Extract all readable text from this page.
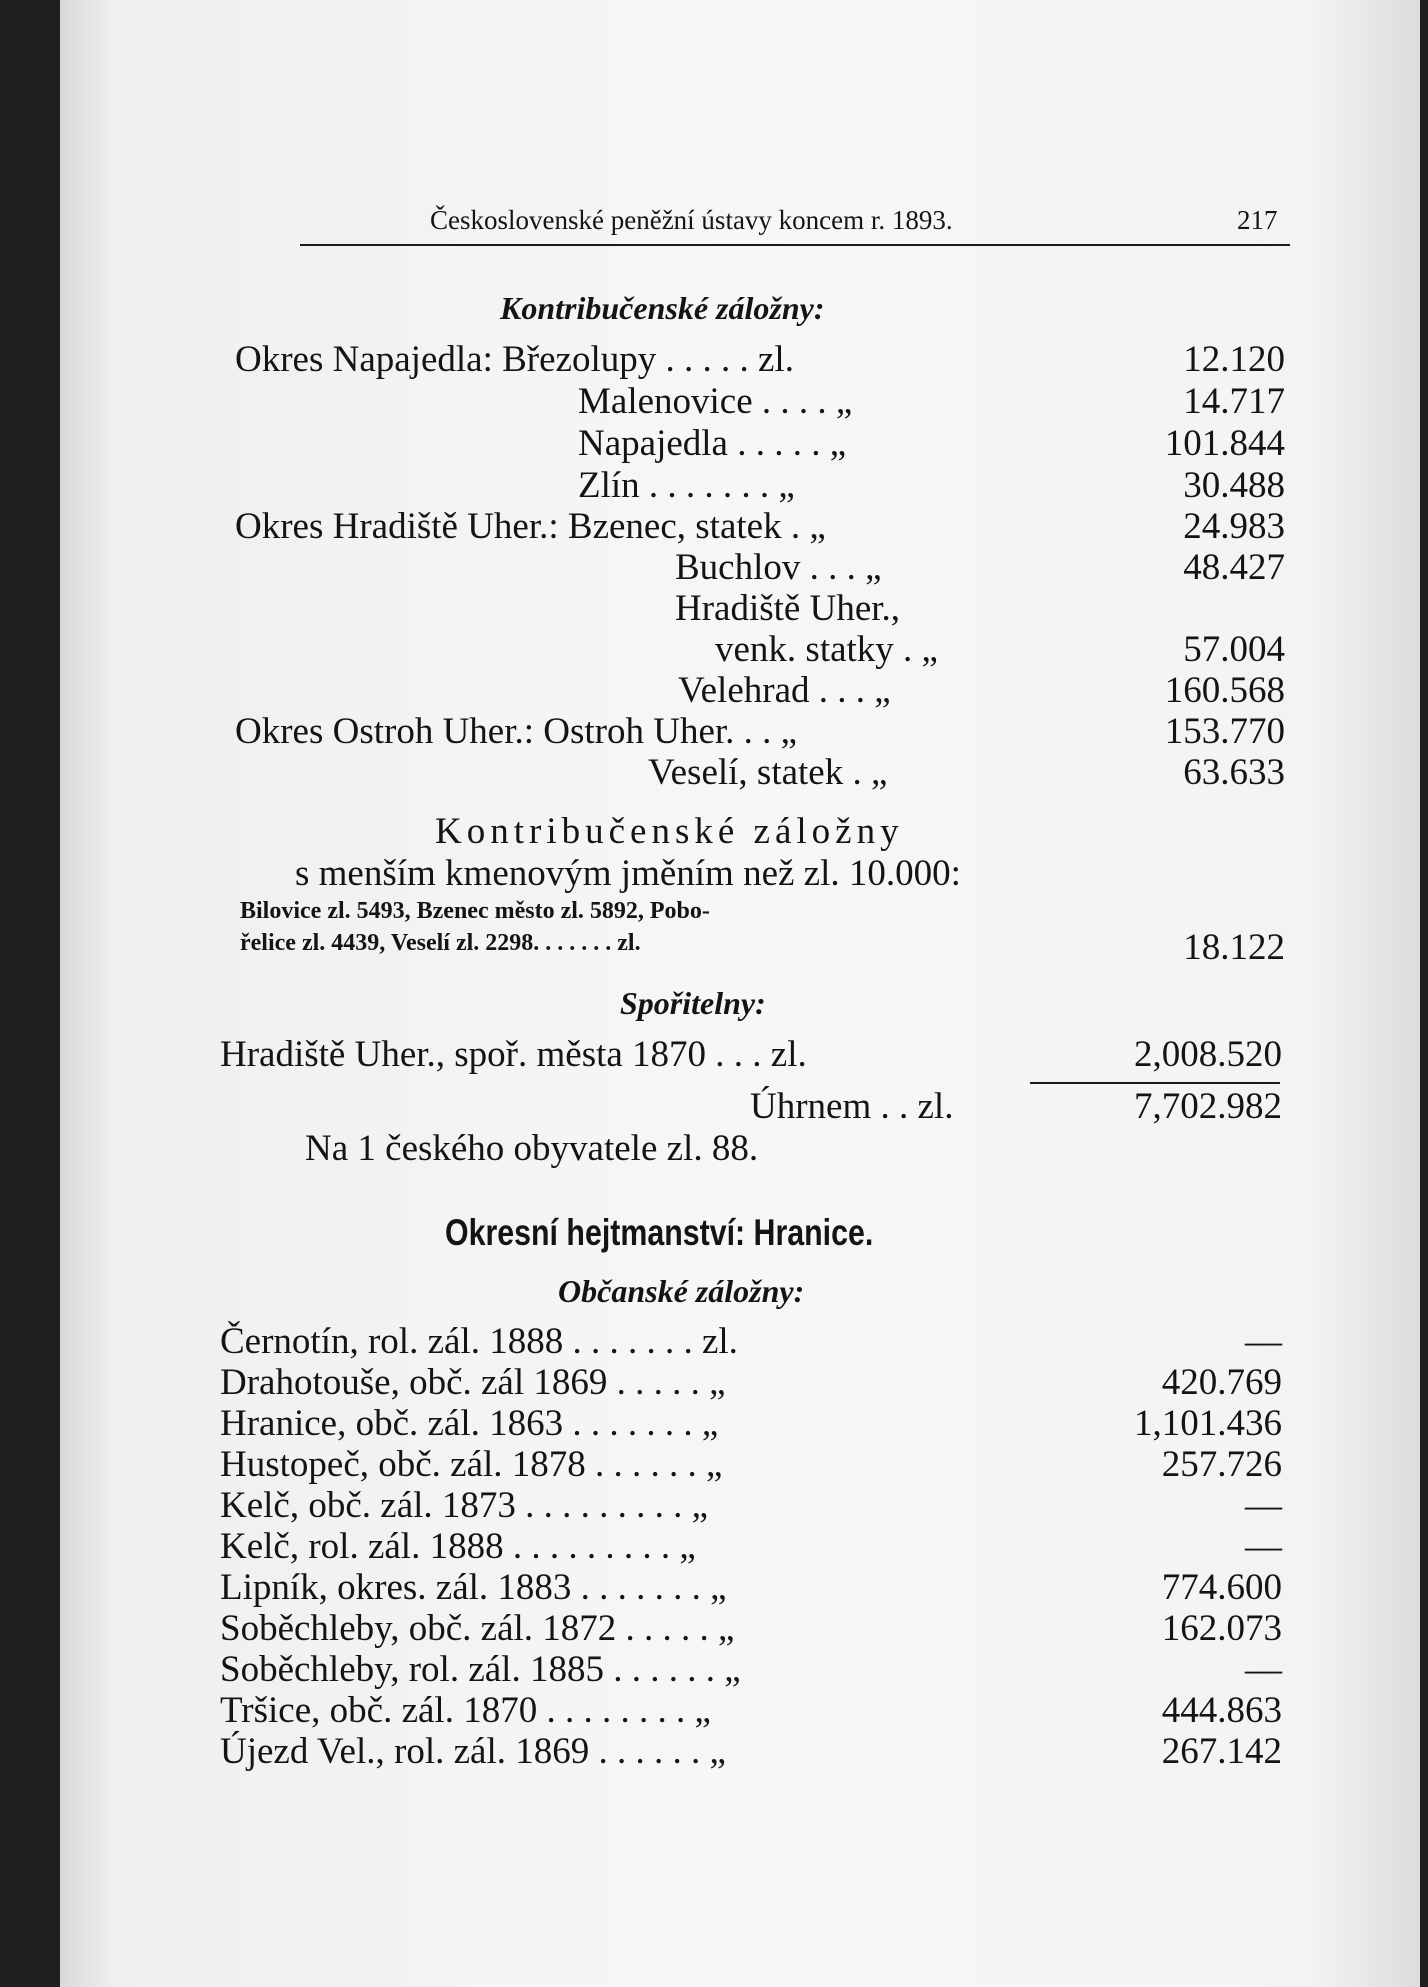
Československé peněžní ústavy koncem r. 1893.	217
Kontribučenské záložny:
Okres Napajedla: Březolupy . . . . . zl.	12.120
Malenovice . . . . „	14.717
Napajedla . . . . . „	101.844
Zlín . . . . . . . „	30.488
Okres Hradiště Uher.: Bzenec, statek . „	24.983
Buchlov . . . „	48.427
Hradiště Uher.,
venk. statky . „	57.004
Velehrad . . . „	160.568
Okres Ostroh Uher.: Ostroh Uher. . . „	153.770
Veselí, statek . „	63.633
Kontribučenské záložny
s menším kmenovým jměním než zl. 10.000:
Bilovice zl. 5493, Bzenec město zl. 5892, Pobo-
řelice zl. 4439, Veselí zl. 2298. . . . . . . zl.	18.122
Spořitelny:
Hradiště Uher., spoř. města 1870 . . . zl.	2,008.520
Úhrnem . . zl.	7,702.982
Na 1 českého obyvatele zl. 88.
Okresní hejtmanství: Hranice.
Občanské záložny:
Černotín, rol. zál. 1888 . . . . . . . zl.	—
Drahotouše, obč. zál 1869 . . . . . „	420.769
Hranice, obč. zál. 1863 . . . . . . . „	1,101.436
Hustopeč, obč. zál. 1878 . . . . . . „	257.726
Kelč, obč. zál. 1873 . . . . . . . . . „	—
Kelč, rol. zál. 1888 . . . . . . . . . „	—
Lipník, okres. zál. 1883 . . . . . . . „	774.600
Soběchleby, obč. zál. 1872 . . . . . „	162.073
Soběchleby, rol. zál. 1885 . . . . . . „	—
Tršice, obč. zál. 1870 . . . . . . . . „	444.863
Újezd Vel., rol. zál. 1869 . . . . . . „	267.142
